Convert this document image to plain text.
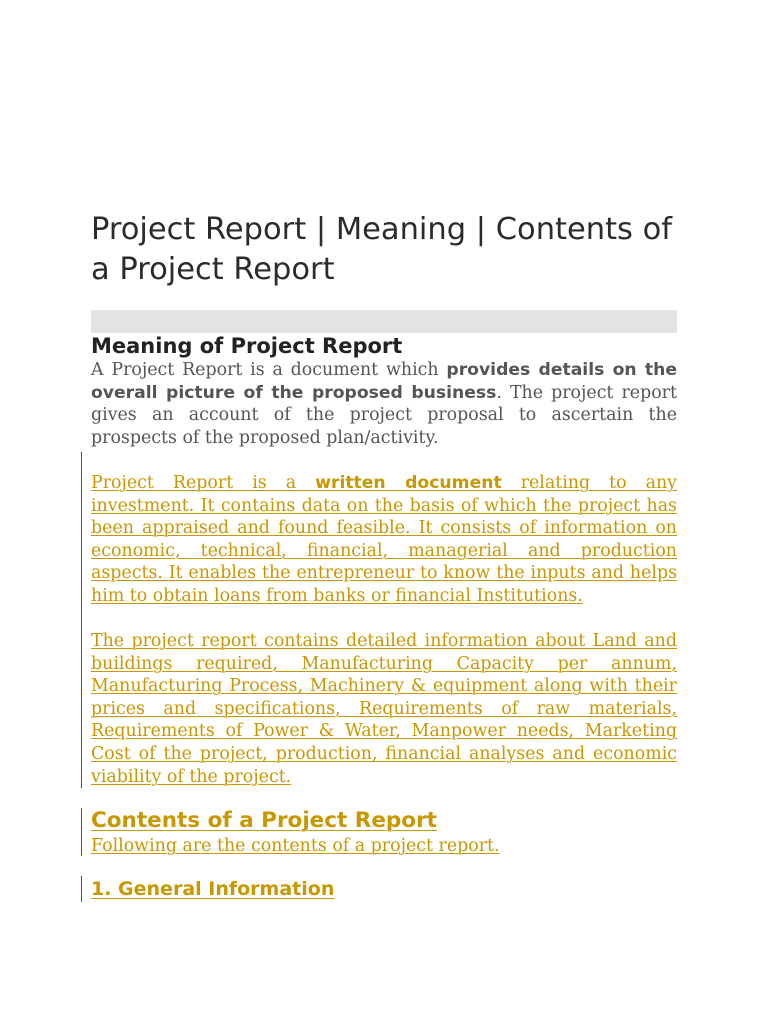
Project Report | Meaning | Contents of a Project Report
Meaning of Project Report

A Project Report is a document which provides details on the overall picture of the proposed business. The project report gives an account of the project proposal to ascertain the prospects of the proposed plan/activity.

Project Report is a written document relating to any investment. It contains data on the basis of which the project has been appraised and found feasible. It consists of information on economic, technical, financial, managerial and production aspects. It enables the entrepreneur to know the inputs and helps him to obtain loans from banks or financial Institutions.

The project report contains detailed information about Land and buildings required, Manufacturing Capacity per annum, Manufacturing Process, Machinery & equipment along with their prices and specifications, Requirements of raw materials, Requirements of Power & Water, Manpower needs, Marketing Cost of the project, production, financial analyses and economic viability of the project.

Contents of a Project Report

Following are the contents of a project report.

1. General Information
